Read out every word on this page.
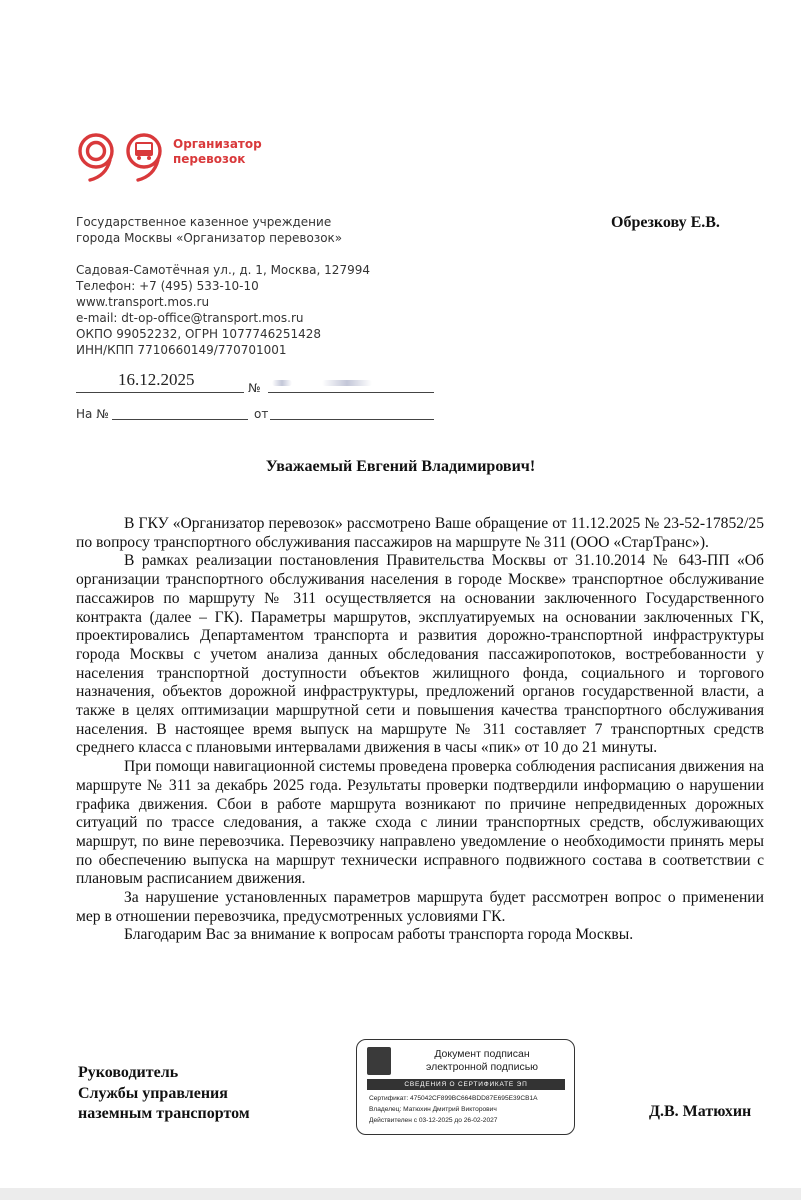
Организатор
перевозок
Государственное казенное учреждение
города Москвы «Организатор перевозок»
Садовая-Самотёчная ул., д. 1, Москва, 127994
Телефон: +7 (495) 533-10-10
www.transport.mos.ru
e-mail: dt-op-office@transport.mos.ru
ОКПО 99052232, ОГРН 1077746251428
ИНН/КПП 7710660149/770701001
Обрезкову Е.В.
16.12.2025	№
На №	от
Уважаемый Евгений Владимирович!

В ГКУ «Организатор перевозок» рассмотрено Ваше обращение от 11.12.2025 № 23-52-17852/25 по вопросу транспортного обслуживания пассажиров на маршруте № 311 (ООО «СтарТранс»).

В рамках реализации постановления Правительства Москвы от 31.10.2014 № 643-ПП «Об организации транспортного обслуживания населения в городе Москве» транспортное обслуживание пассажиров по маршруту № 311 осуществляется на основании заключенного Государственного контракта (далее – ГК). Параметры маршрутов, эксплуатируемых на основании заключенных ГК, проектировались Департаментом транспорта и развития дорожно-транспортной инфраструктуры города Москвы с учетом анализа данных обследования пассажиропотоков, востребованности у населения транспортной доступности объектов жилищного фонда, социального и торгового назначения, объектов дорожной инфраструктуры, предложений органов государственной власти, а также в целях оптимизации маршрутной сети и повышения качества транспортного обслуживания населения. В настоящее время выпуск на маршруте № 311 составляет 7 транспортных средств среднего класса с плановыми интервалами движения в часы «пик» от 10 до 21 минуты.

При помощи навигационной системы проведена проверка соблюдения расписания движения на маршруте № 311 за декабрь 2025 года. Результаты проверки подтвердили информацию о нарушении графика движения. Сбои в работе маршрута возникают по причине непредвиденных дорожных ситуаций по трассе следования, а также схода с линии транспортных средств, обслуживающих маршрут, по вине перевозчика. Перевозчику направлено уведомление о необходимости принять меры по обеспечению выпуска на маршрут технически исправного подвижного состава в соответствии с плановым расписанием движения.

За нарушение установленных параметров маршрута будет рассмотрен вопрос о применении мер в отношении перевозчика, предусмотренных условиями ГК.

Благодарим Вас за внимание к вопросам работы транспорта города Москвы.

Руководитель
Службы управления
наземным транспортом
Документ подписан
электронной подписью
СВЕДЕНИЯ О СЕРТИФИКАТЕ ЭП
Сертификат: 475042CF899BC664BDD87E695E39CB1A
Владелец: Матюхин Дмитрий Викторович
Действителен с 03-12-2025 до 26-02-2027
Д.В. Матюхин
